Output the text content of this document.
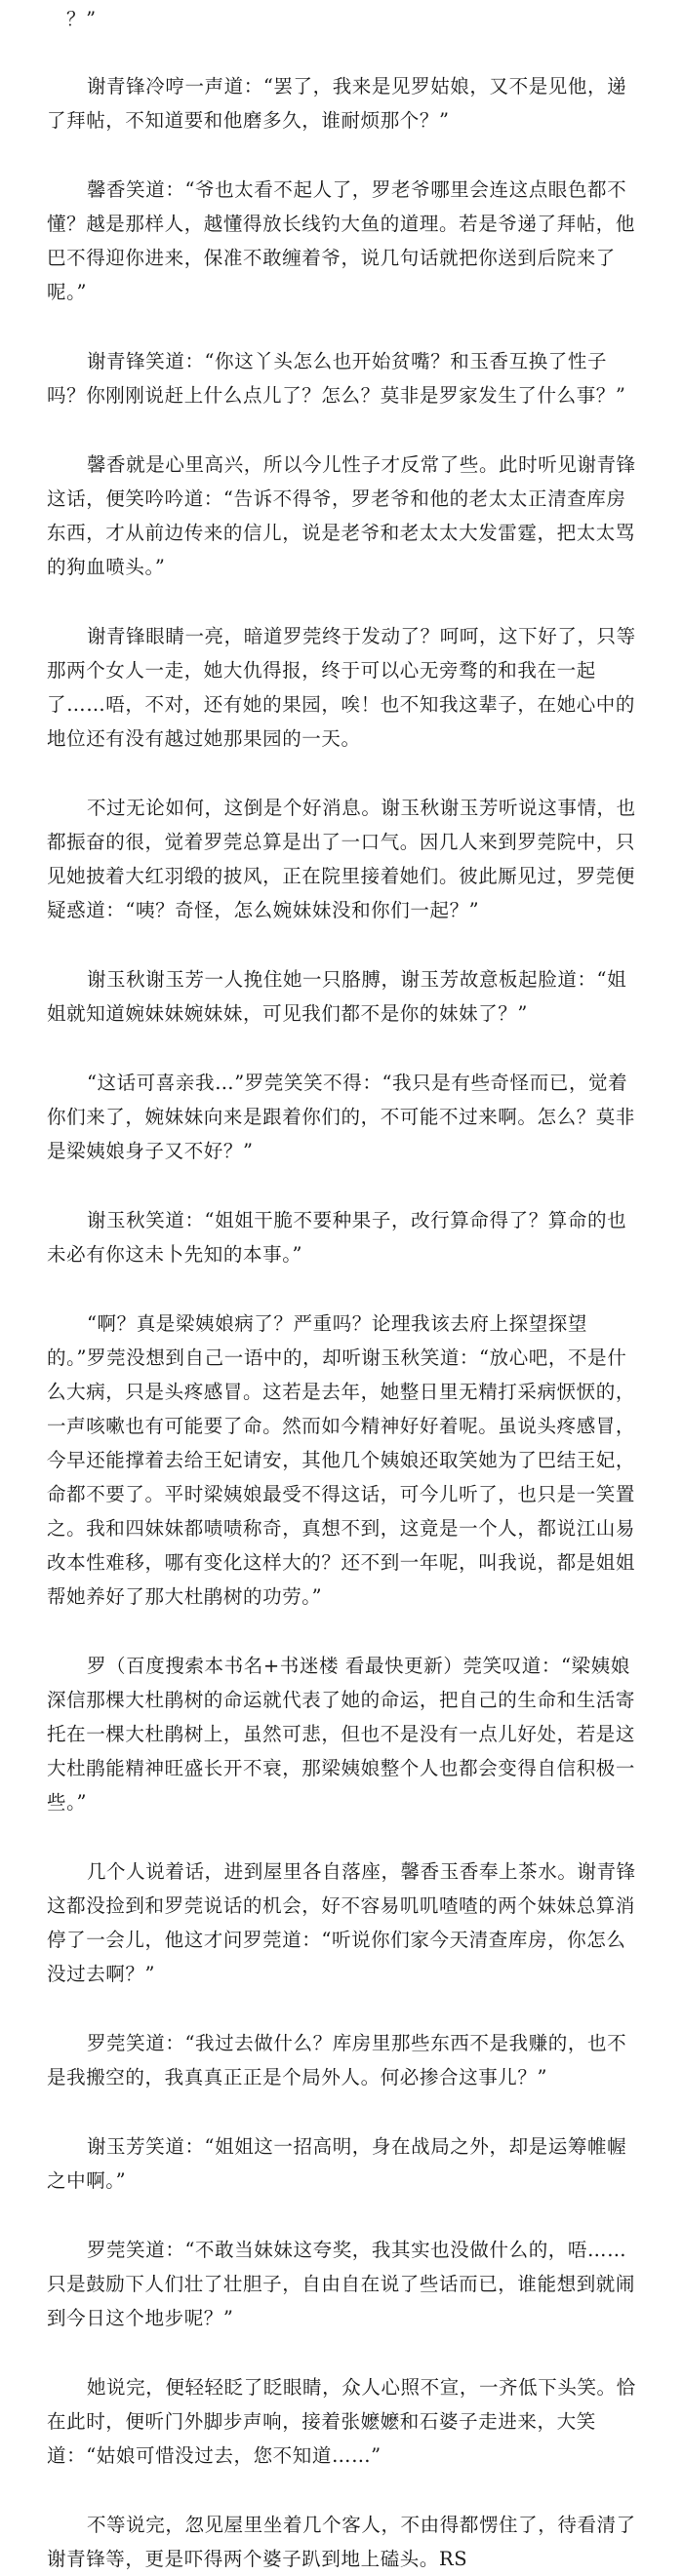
？”

谢青锋冷哼一声道：“罢了，我来是见罗姑娘，又不是见他，递了拜帖，不知道要和他磨多久，谁耐烦那个？”

馨香笑道：“爷也太看不起人了，罗老爷哪里会连这点眼色都不懂？越是那样人，越懂得放长线钓大鱼的道理。若是爷递了拜帖，他巴不得迎你进来，保准不敢缠着爷，说几句话就把你送到后院来了呢。”

谢青锋笑道：“你这丫头怎么也开始贫嘴？和玉香互换了性子吗？你刚刚说赶上什么点儿了？怎么？莫非是罗家发生了什么事？”

馨香就是心里高兴，所以今儿性子才反常了些。此时听见谢青锋这话，便笑吟吟道：“告诉不得爷，罗老爷和他的老太太正清查库房东西，才从前边传来的信儿，说是老爷和老太太大发雷霆，把太太骂的狗血喷头。”

谢青锋眼睛一亮，暗道罗莞终于发动了？呵呵，这下好了，只等那两个女人一走，她大仇得报，终于可以心无旁骛的和我在一起了……唔，不对，还有她的果园，唉！也不知我这辈子，在她心中的地位还有没有越过她那果园的一天。

不过无论如何，这倒是个好消息。谢玉秋谢玉芳听说这事情，也都振奋的很，觉着罗莞总算是出了一口气。因几人来到罗莞院中，只见她披着大红羽缎的披风，正在院里接着她们。彼此厮见过，罗莞便疑惑道：“咦？奇怪，怎么婉妹妹没和你们一起？”

谢玉秋谢玉芳一人挽住她一只胳膊，谢玉芳故意板起脸道：“姐姐就知道婉妹妹婉妹妹，可见我们都不是你的妹妹了？”

“这话可喜亲我…”罗莞笑笑不得：“我只是有些奇怪而已，觉着你们来了，婉妹妹向来是跟着你们的，不可能不过来啊。怎么？莫非是梁姨娘身子又不好？”

谢玉秋笑道：“姐姐干脆不要种果子，改行算命得了？算命的也未必有你这未卜先知的本事。”

“啊？真是梁姨娘病了？严重吗？论理我该去府上探望探望的。”罗莞没想到自己一语中的，却听谢玉秋笑道：“放心吧，不是什么大病，只是头疼感冒。这若是去年，她整日里无精打采病恹恹的，一声咳嗽也有可能要了命。然而如今精神好好着呢。虽说头疼感冒，今早还能撑着去给王妃请安，其他几个姨娘还取笑她为了巴结王妃，命都不要了。平时梁姨娘最受不得这话，可今儿听了，也只是一笑置之。我和四妹妹都啧啧称奇，真想不到，这竟是一个人，都说江山易改本性难移，哪有变化这样大的？还不到一年呢，叫我说，都是姐姐帮她养好了那大杜鹃树的功劳。”

罗（百度搜索本书名+书迷楼 看最快更新）莞笑叹道：“梁姨娘深信那棵大杜鹃树的命运就代表了她的命运，把自己的生命和生活寄托在一棵大杜鹃树上，虽然可悲，但也不是没有一点儿好处，若是这大杜鹃能精神旺盛长开不衰，那梁姨娘整个人也都会变得自信积极一些。”

几个人说着话，进到屋里各自落座，馨香玉香奉上茶水。谢青锋这都没捡到和罗莞说话的机会，好不容易叽叽喳喳的两个妹妹总算消停了一会儿，他这才问罗莞道：“听说你们家今天清查库房，你怎么没过去啊？”

罗莞笑道：“我过去做什么？库房里那些东西不是我赚的，也不是我搬空的，我真真正正是个局外人。何必掺合这事儿？”

谢玉芳笑道：“姐姐这一招高明，身在战局之外，却是运筹帷幄之中啊。”

罗莞笑道：“不敢当妹妹这夸奖，我其实也没做什么的，唔……只是鼓励下人们壮了壮胆子，自由自在说了些话而已，谁能想到就闹到今日这个地步呢？”

她说完，便轻轻眨了眨眼睛，众人心照不宣，一齐低下头笑。恰在此时，便听门外脚步声响，接着张嬷嬷和石婆子走进来，大笑道：“姑娘可惜没过去，您不知道……”

不等说完，忽见屋里坐着几个客人，不由得都愣住了，待看清了谢青锋等，更是吓得两个婆子趴到地上磕头。RS
